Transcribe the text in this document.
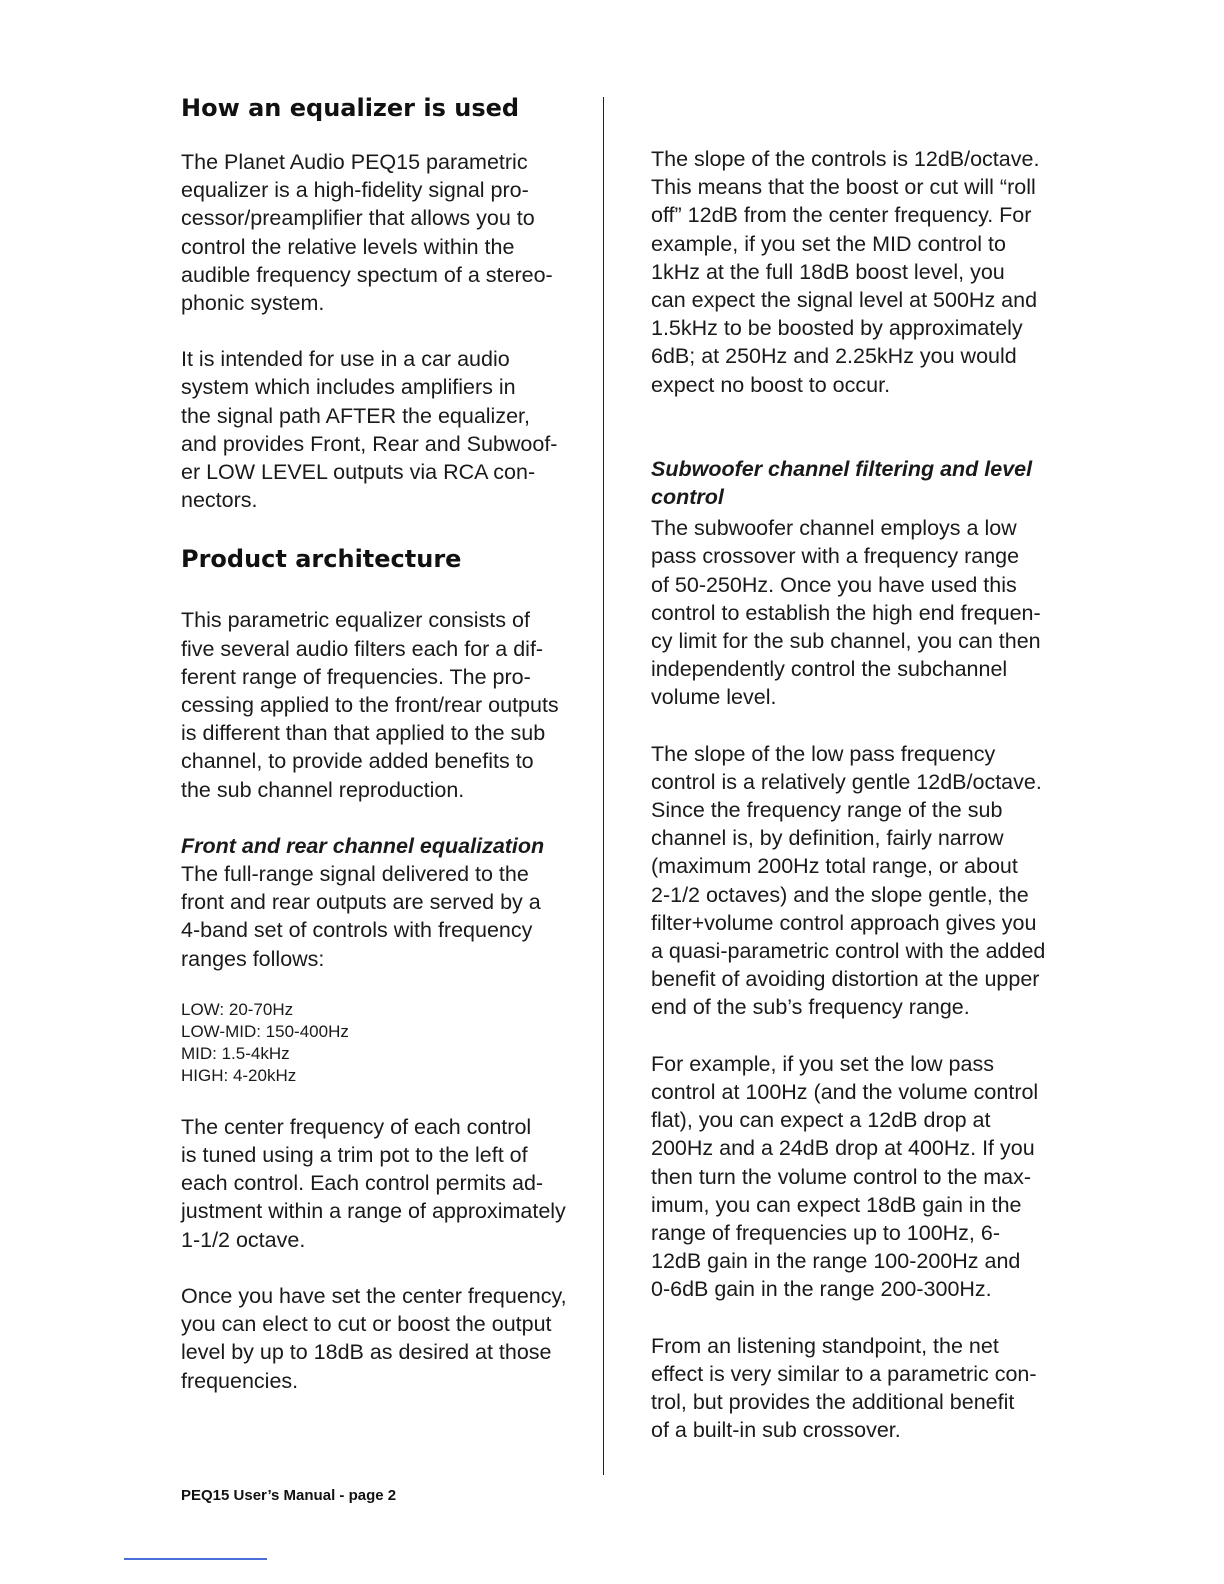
How an equalizer is used

The Planet Audio PEQ15 parametric
equalizer is a high-fidelity signal pro-
cessor/preamplifier that allows you to
control the relative levels within the
audible frequency spectum of a stereo-
phonic system.

It is intended for use in a car audio
system which includes amplifiers in
the signal path AFTER the equalizer,
and provides Front, Rear and Subwoof-
er LOW LEVEL outputs via RCA con-
nectors.

Product architecture

This parametric equalizer consists of
five several audio filters each for a dif-
ferent range of frequencies. The pro-
cessing applied to the front/rear outputs
is different than that applied to the sub
channel, to provide added benefits to
the sub channel reproduction.

Front and rear channel equalization

The full-range signal delivered to the
front and rear outputs are served by a
4-band set of controls with frequency
ranges follows:

LOW: 20-70Hz
LOW-MID: 150-400Hz
MID: 1.5-4kHz
HIGH: 4-20kHz

The center frequency of each control
is tuned using a trim pot to the left of
each control. Each control permits ad-
justment within a range of approximately
1-1/2 octave.

Once you have set the center frequency,
you can elect to cut or boost the output
level by up to 18dB as desired at those
frequencies.

The slope of the controls is 12dB/octave.
This means that the boost or cut will “roll
off” 12dB from the center frequency. For
example, if you set the MID control to
1kHz at the full 18dB boost level, you
can expect the signal level at 500Hz and
1.5kHz to be boosted by approximately
6dB; at 250Hz and 2.25kHz you would
expect no boost to occur.

Subwoofer channel filtering and level
control

The subwoofer channel employs a low
pass crossover with a frequency range
of 50-250Hz. Once you have used this
control to establish the high end frequen-
cy limit for the sub channel, you can then
independently control the subchannel
volume level.

The slope of the low pass frequency
control is a relatively gentle 12dB/octave.
Since the frequency range of the sub
channel is, by definition, fairly narrow
(maximum 200Hz total range, or about
2-1/2 octaves) and the slope gentle, the
filter+volume control approach gives you
a quasi-parametric control with the added
benefit of avoiding distortion at the upper
end of the sub’s frequency range.

For example, if you set the low pass
control at 100Hz (and the volume control
flat), you can expect a 12dB drop at
200Hz and a 24dB drop at 400Hz. If you
then turn the volume control to the max-
imum, you can expect 18dB gain in the
range of frequencies up to 100Hz, 6-
12dB gain in the range 100-200Hz and
0-6dB gain in the range 200-300Hz.

From an listening standpoint, the net
effect is very similar to a parametric con-
trol, but provides the additional benefit
of a built-in sub crossover.

PEQ15 User’s Manual - page 2
